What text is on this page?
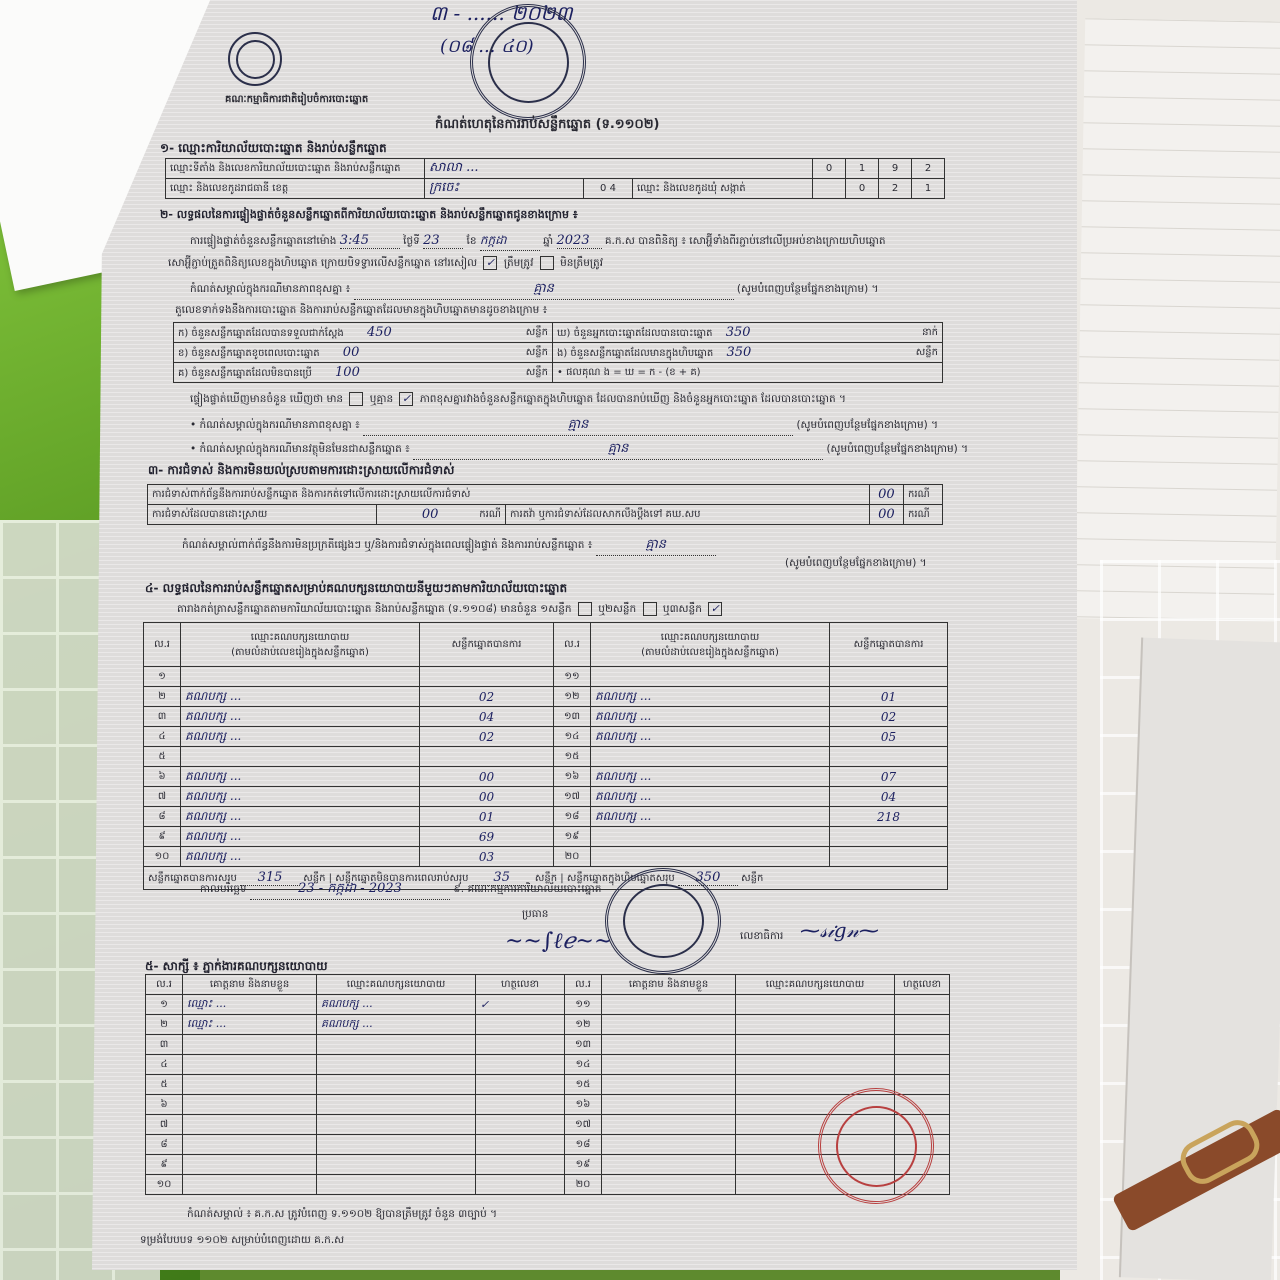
៣ - ​...... ២០២​៣
(០៨​ ... ​៤០)
គណៈកម្មាធិការជាតិរៀបចំការបោះឆ្នោត
កំណត់ហេតុនៃការរាប់សន្លឹកឆ្នោត (ទ.១១០២)
១- ឈ្មោះការិយាល័យបោះឆ្នោត និងរាប់សន្លឹកឆ្នោត
ឈ្មោះទីតាំង និងលេខការិយាល័យបោះឆ្នោត និងរាប់សន្លឹកឆ្នោត	សាលា ...			0	1	9	2
ឈ្មោះ និងលេខកូដរាជធានី ខេត្ត	ក្រចេះ	0 4	ឈ្មោះ និងលេខកូដឃុំ សង្កាត់		0	2	1
២- លទ្ធផលនៃការផ្ទៀងផ្ទាត់ចំនួនសន្លឹកឆ្នោតពីការិយាល័យបោះឆ្នោត និងរាប់សន្លឹកឆ្នោតជូនខាងក្រោម ៖
ការផ្ទៀងផ្ទាត់ចំនួនសន្លឹកឆ្នោតនៅម៉ោង 3:45	ថ្ងៃទី 23	ខែ កក្កដា	ឆ្នាំ 2023 គ.ក.ស បានពិនិត្យ ៖ សោអ្ហ៊ីទាំងពីរភ្ជាប់នៅលើប្រអប់ខាងក្រោយហិបឆ្នោត
សោអ្ហ៊ីភ្ជាប់ត្រួតពិនិត្យលេខក្នុងហិបឆ្នោត ក្រោយបិទទ្វារលើសន្លឹកឆ្នោត នៅរសៀល ✓ ត្រឹមត្រូវ	មិនត្រឹមត្រូវ
កំណត់សម្គាល់ក្នុងករណីមានភាពខុសគ្នា ៖	គ្មាន	(សូមបំពេញបន្ថែមផ្នែកខាងក្រោម) ។
តួលេខទាក់ទងនឹងការបោះឆ្នោត និងការរាប់សន្លឹកឆ្នោតដែលមានក្នុងហិបឆ្នោតមានដូចខាងក្រោម ៖
ក) ចំនួនសន្លឹកឆ្នោតដែលបានទទួលជាក់ស្តែង 450 សន្លឹក	ឃ) ចំនួនអ្នកបោះឆ្នោតដែលបានបោះឆ្នោត 350 នាក់

ខ) ចំនួនសន្លឹកឆ្នោតខូចពេលបោះឆ្នោត 00 សន្លឹក	ង) ចំនួនសន្លឹកឆ្នោតដែលមានក្នុងហិបឆ្នោត 350 សន្លឹក

គ) ចំនួនសន្លឹកឆ្នោតដែលមិនបានប្រើ 100 សន្លឹក	• ផលគុណ ង = ឃ = ក - (ខ + គ)
ផ្ទៀងផ្ទាត់ឃើញមានចំនួន ឃើញថា មាន	ឬគ្មាន ✓ ភាពខុសគ្នារវាងចំនួនសន្លឹកឆ្នោតក្នុងហិបឆ្នោត ដែលបានរាប់ឃើញ និងចំនួនអ្នកបោះឆ្នោត ដែលបានបោះឆ្នោត ។
• កំណត់សម្គាល់ក្នុងករណីមានភាពខុសគ្នា ៖	គ្មាន	(សូមបំពេញបន្ថែមផ្នែកខាងក្រោម) ។
• កំណត់សម្គាល់ក្នុងករណីមានវត្ថុមិនមែនជាសន្លឹកឆ្នោត ៖	គ្មាន	(សូមបំពេញបន្ថែមផ្នែកខាងក្រោម) ។
៣- ការជំទាស់ និងការមិនយល់ស្របតាមការដោះស្រាយលើការជំទាស់
ការជំទាស់ពាក់ព័ន្ធនឹងការរាប់សន្លឹកឆ្នោត និងការកត់ទៅលើការដោះស្រាយលើការជំទាស់			00	ករណី
ការជំទាស់ដែលបានដោះស្រាយ	00 ករណី	ការតវ៉ា ឬការជំទាស់ដែលសាកលឹងប្តឹងទៅ គឃ.សប	00	ករណី
កំណត់សម្គាល់ពាក់ព័ន្ធនឹងការមិនប្រក្រតីផ្សេងៗ ឬ/និងការជំទាស់ក្នុងពេលផ្ទៀងផ្ទាត់ និងការរាប់សន្លឹកឆ្នោត ៖	គ្មាន
(សូមបំពេញបន្ថែមផ្នែកខាងក្រោម) ។
៤- លទ្ធផលនៃការរាប់សន្លឹកឆ្នោតសម្រាប់គណបក្សនយោបាយនីមួយៗតាមការិយាល័យបោះឆ្នោត
តារាងកត់ត្រាសន្លឹកឆ្នោតតាមការិយាល័យបោះឆ្នោត និងរាប់សន្លឹកឆ្នោត (ទ.១១០៨) មានចំនួន ១សន្លឹក	ឬ២សន្លឹក	ឬ៣សន្លឹក ✓
ល.រ	ឈ្មោះគណបក្សនយោបាយ
(តាមលំដាប់លេខរៀងក្នុងសន្លឹកឆ្នោត)	សន្លឹកឆ្នោតបានការ	ល.រ	ឈ្មោះគណបក្សនយោបាយ
(តាមលំដាប់លេខរៀងក្នុងសន្លឹកឆ្នោត)	សន្លឹកឆ្នោតបានការ
១			១១		
២	គណបក្ស ...	02	១២	គណបក្ស ...	01
៣	គណបក្ស ...	04	១៣	គណបក្ស ...	02
៤	គណបក្ស ...	02	១៤	គណបក្ស ...	05
៥			១៥		
៦	គណបក្ស ...	00	១៦	គណបក្ស ...	07
៧	គណបក្ស ...	00	១៧	គណបក្ស ...	04
៨	គណបក្ស ...	01	១៨	គណបក្ស ...	218
៩	គណបក្ស ...	69	១៩		
១០	គណបក្ស ...	03	២០		
សន្លឹកឆ្នោតបានការសរុប 315 សន្លឹក | សន្លឹកឆ្នោតមិនបានការពេលរាប់សរុប 35 សន្លឹក | សន្លឹកឆ្នោតក្នុងហិបឆ្នោតសរុប 350 សន្លឹក					
កាលបរិច្ឆេទ	23 - កក្កដា - 2023	៩. គណៈកម្មការការិយាល័យបោះឆ្នោត
ប្រធាន
~~∫ℓℯ~~	លេខាធិការ ⁓𝓈𝒾𝑔𝓃⁓
៥- សាក្សី ៖ ភ្នាក់ងារគណបក្សនយោបាយ
ល.រ	គោត្តនាម និងនាមខ្លួន	ឈ្មោះគណបក្សនយោបាយ	ហត្ថលេខា	ល.រ	គោត្តនាម និងនាមខ្លួន	ឈ្មោះគណបក្សនយោបាយ	ហត្ថលេខា
១	ឈ្មោះ ...	គណបក្ស ...	✓	១១			
២	ឈ្មោះ ...	គណបក្ស ...		១២			
៣				១៣			
៤				១៤			
៥				១៥			
៦				១៦			
៧				១៧			
៨				១៨			
៩				១៩			
១០				២០			
កំណត់សម្គាល់ ៖ គ.ក.ស ត្រូវបំពេញ ទ.១១០២ ឱ្យបានត្រឹមត្រូវ ចំនួន ៣ច្បាប់ ។
ទម្រង់បែបបទ ១១០២ សម្រាប់បំពេញដោយ គ.ក.ស
